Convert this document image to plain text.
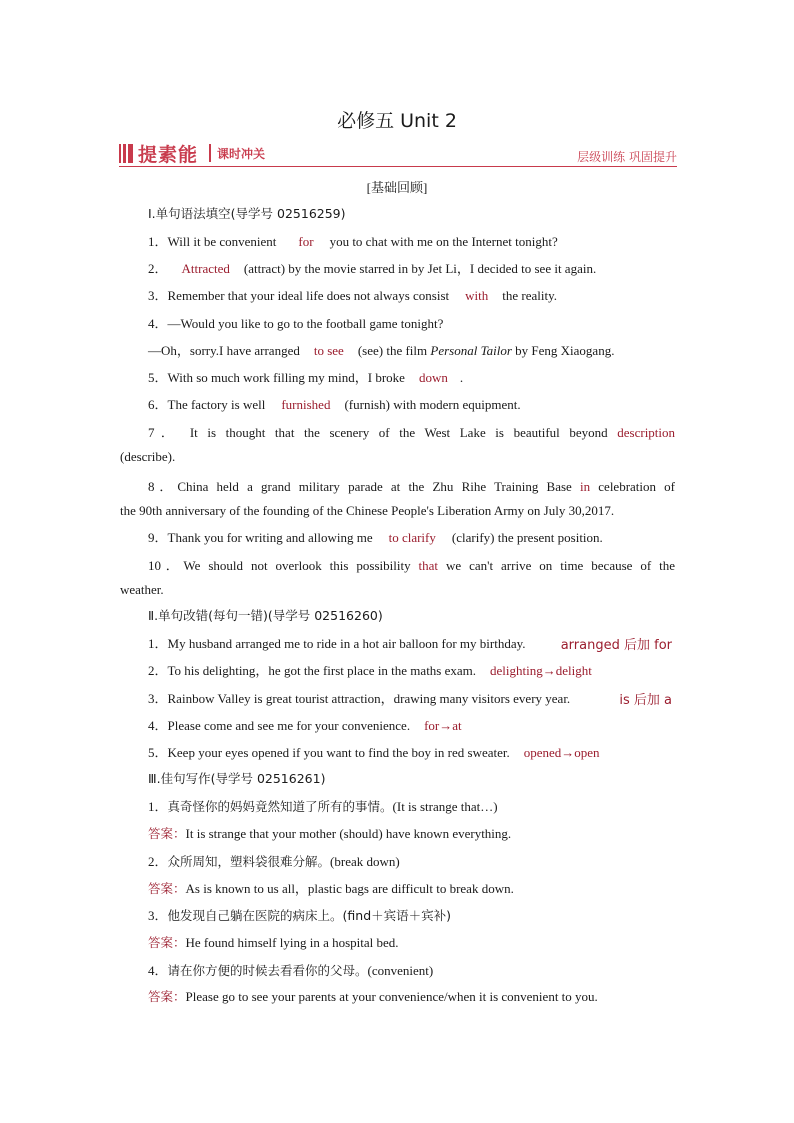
必修五 Unit 2
提素能 课时冲关	层级训练 巩固提升
[基础回顾]
Ⅰ.单句语法填空(导学号 02516259)
1．Will it be convenient for you to chat with me on the Internet tonight?
2． Attracted (attract) by the movie starred in by Jet Li，I decided to see it again.
3．Remember that your ideal life does not always consist with the reality.
4．—Would you like to go to the football game tonight?
—Oh，sorry.I have arranged to see (see) the film Personal Tailor by Feng Xiaogang.
5．With so much work filling my mind，I broke down .
6．The factory is well furnished (furnish) with modern equipment.
7． It is thought that the scenery of the West Lake is beautiful beyond description
(describe).
8．China held a grand military parade at the Zhu Rihe Training Base in celebration of
the 90th anniversary of the founding of the Chinese People's Liberation Army on July 30,2017.
9．Thank you for writing and allowing me to clarify (clarify) the present position.
10．We should not overlook this possibility that we can't arrive on time because of the
weather.
Ⅱ.单句改错(每句一错)(导学号 02516260)
1．My husband arranged me to ride in a hot air balloon for my birthday.	arranged 后加 for
2．To his delighting，he got the first place in the maths exam. delighting→delight
3．Rainbow Valley is great tourist attraction，drawing many visitors every year.	is 后加 a
4．Please come and see me for your convenience. for→at
5．Keep your eyes opened if you want to find the boy in red sweater. opened→open
Ⅲ.佳句写作(导学号 02516261)
1．真奇怪你的妈妈竟然知道了所有的事情。(It is strange that…)
答案：It is strange that your mother (should) have known everything.
2．众所周知，塑料袋很难分解。(break down)
答案：As is known to us all，plastic bags are difficult to break down.
3．他发现自己躺在医院的病床上。(find＋宾语＋宾补)
答案：He found himself lying in a hospital bed.
4．请在你方便的时候去看看你的父母。(convenient)
答案：Please go to see your parents at your convenience/when it is convenient to you.
